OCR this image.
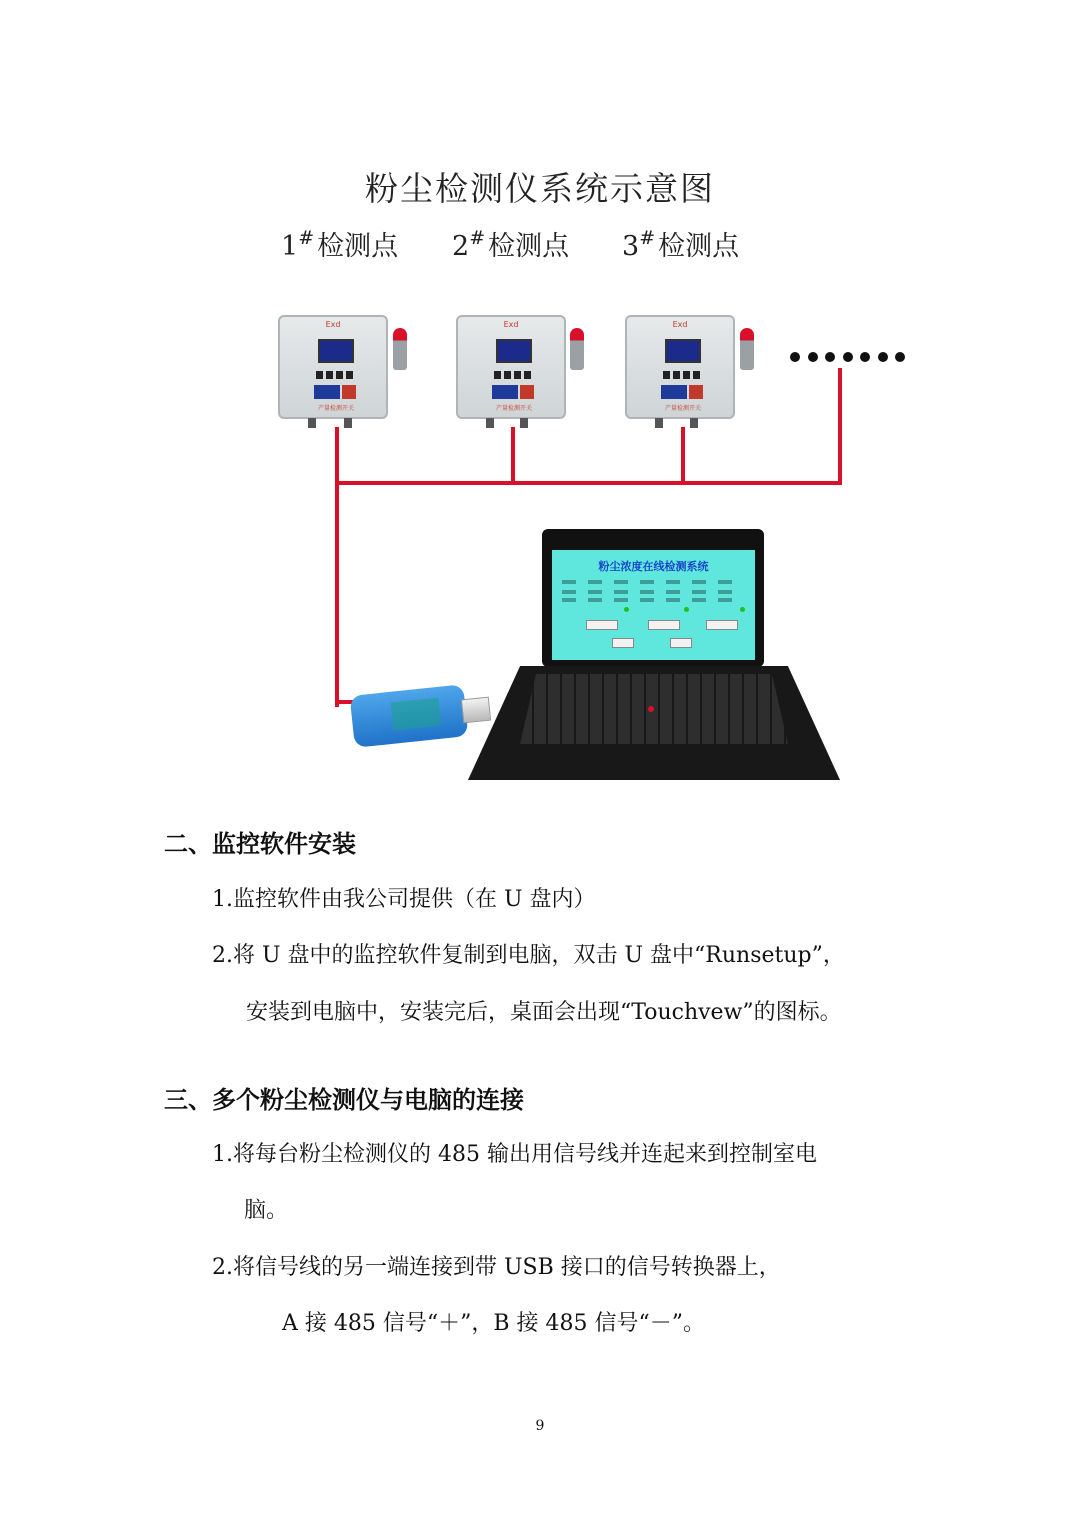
粉尘检测仪系统示意图
1# 检测点 2# 检测点 3# 检测点
Exd
产量检测开关
Exd
产量检测开关
Exd
产量检测开关
粉尘浓度在线检测系统
二、监控软件安装
1.监控软件由我公司提供（在 U 盘内）
2.将 U 盘中的监控软件复制到电脑，双击 U 盘中“Runsetup”，
安装到电脑中，安装完后，桌面会出现“Touchvew”的图标。
三、多个粉尘检测仪与电脑的连接
1.将每台粉尘检测仪的 485 输出用信号线并连起来到控制室电
脑。
2.将信号线的另一端连接到带 USB 接口的信号转换器上，
A 接 485 信号“＋”，B 接 485 信号“－”。
9
